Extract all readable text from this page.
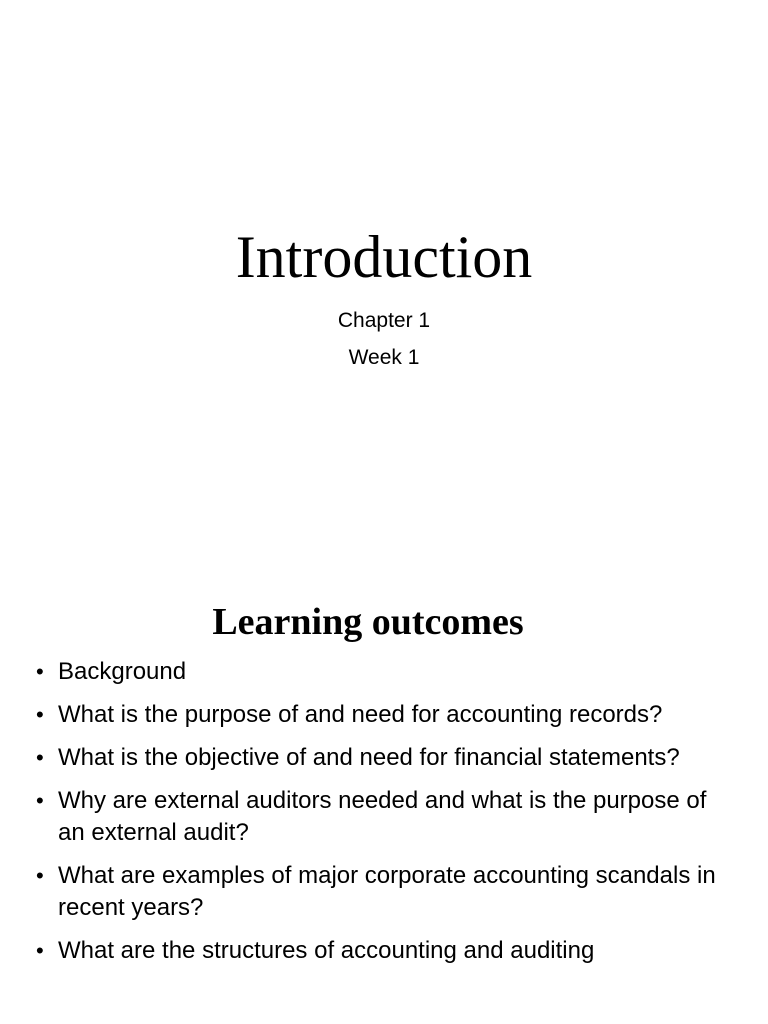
Introduction

Chapter 1

Week 1

Learning outcomes
• Background
• What is the purpose of and need for accounting records?
• What is the objective of and need for financial statements?
• Why are external auditors needed and what is the purpose of an external audit?
• What are examples of major corporate accounting scandals in recent years?
• What are the structures of accounting and auditing
